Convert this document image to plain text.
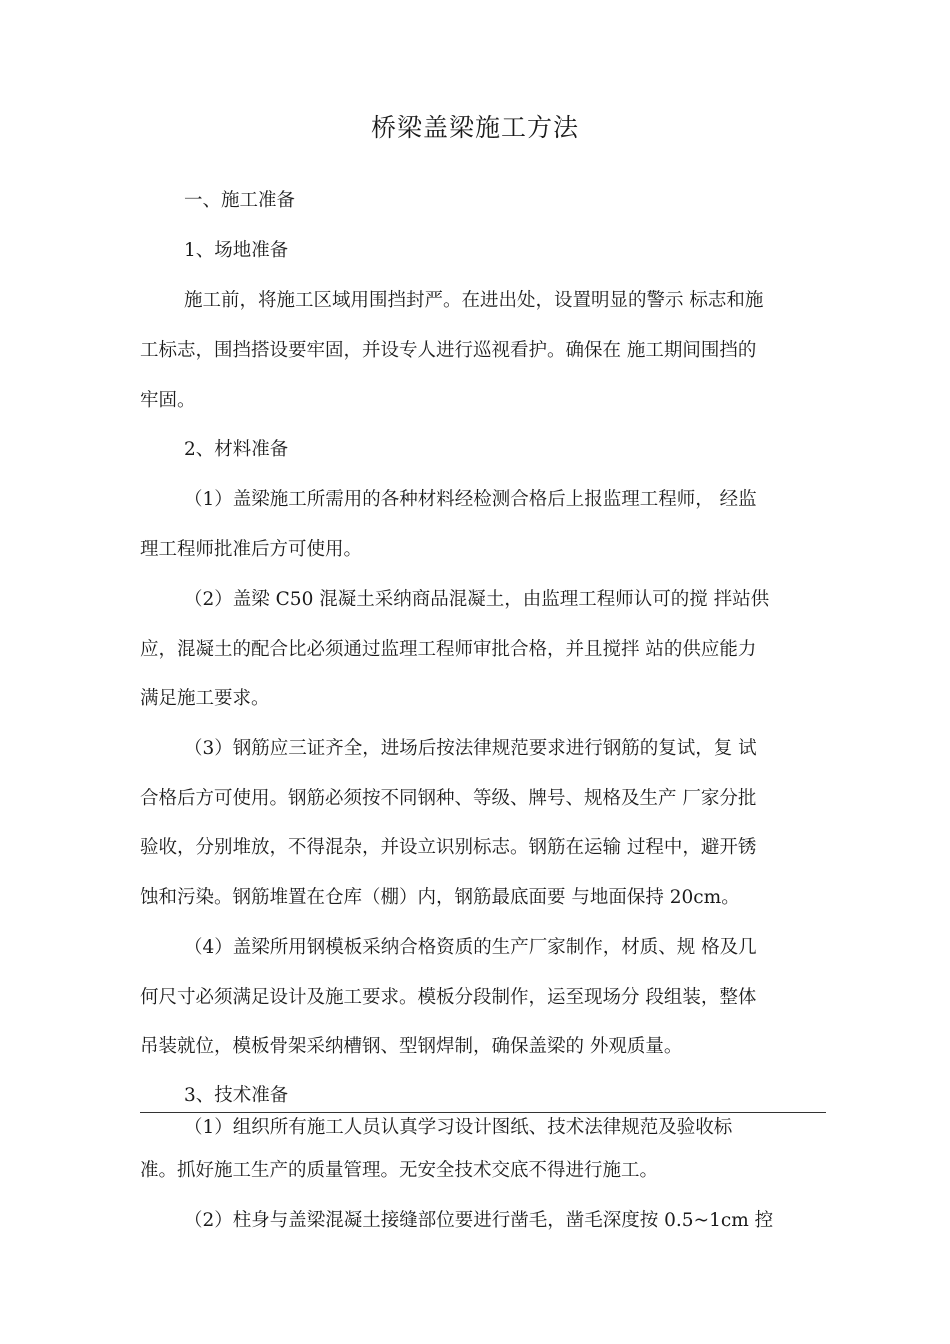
桥梁盖梁施工方法
一、施工准备
1、场地准备
施工前，将施工区域用围挡封严。在进出处，设置明显的警示 标志和施
工标志，围挡搭设要牢固，并设专人进行巡视看护。确保在 施工期间围挡的
牢固。
2、材料准备
（1）盖梁施工所需用的各种材料经检测合格后上报监理工程师， 经监
理工程师批准后方可使用。
（2）盖梁 C50 混凝土采纳商品混凝土，由监理工程师认可的搅 拌站供
应，混凝土的配合比必须通过监理工程师审批合格，并且搅拌 站的供应能力
满足施工要求。
（3）钢筋应三证齐全，进场后按法律规范要求进行钢筋的复试，复 试
合格后方可使用。钢筋必须按不同钢种、等级、牌号、规格及生产 厂家分批
验收，分别堆放，不得混杂，并设立识别标志。钢筋在运输 过程中，避开锈
蚀和污染。钢筋堆置在仓库（棚）内，钢筋最底面要 与地面保持 20cm。
（4）盖梁所用钢模板采纳合格资质的生产厂家制作，材质、规 格及几
何尺寸必须满足设计及施工要求。模板分段制作，运至现场分 段组装，整体
吊装就位，模板骨架采纳槽钢、型钢焊制，确保盖梁的 外观质量。
3、技术准备
（1）组织所有施工人员认真学习设计图纸、技术法律规范及验收标
准。抓好施工生产的质量管理。无安全技术交底不得进行施工。
（2）柱身与盖梁混凝土接缝部位要进行凿毛，凿毛深度按 0.5~1cm 控
